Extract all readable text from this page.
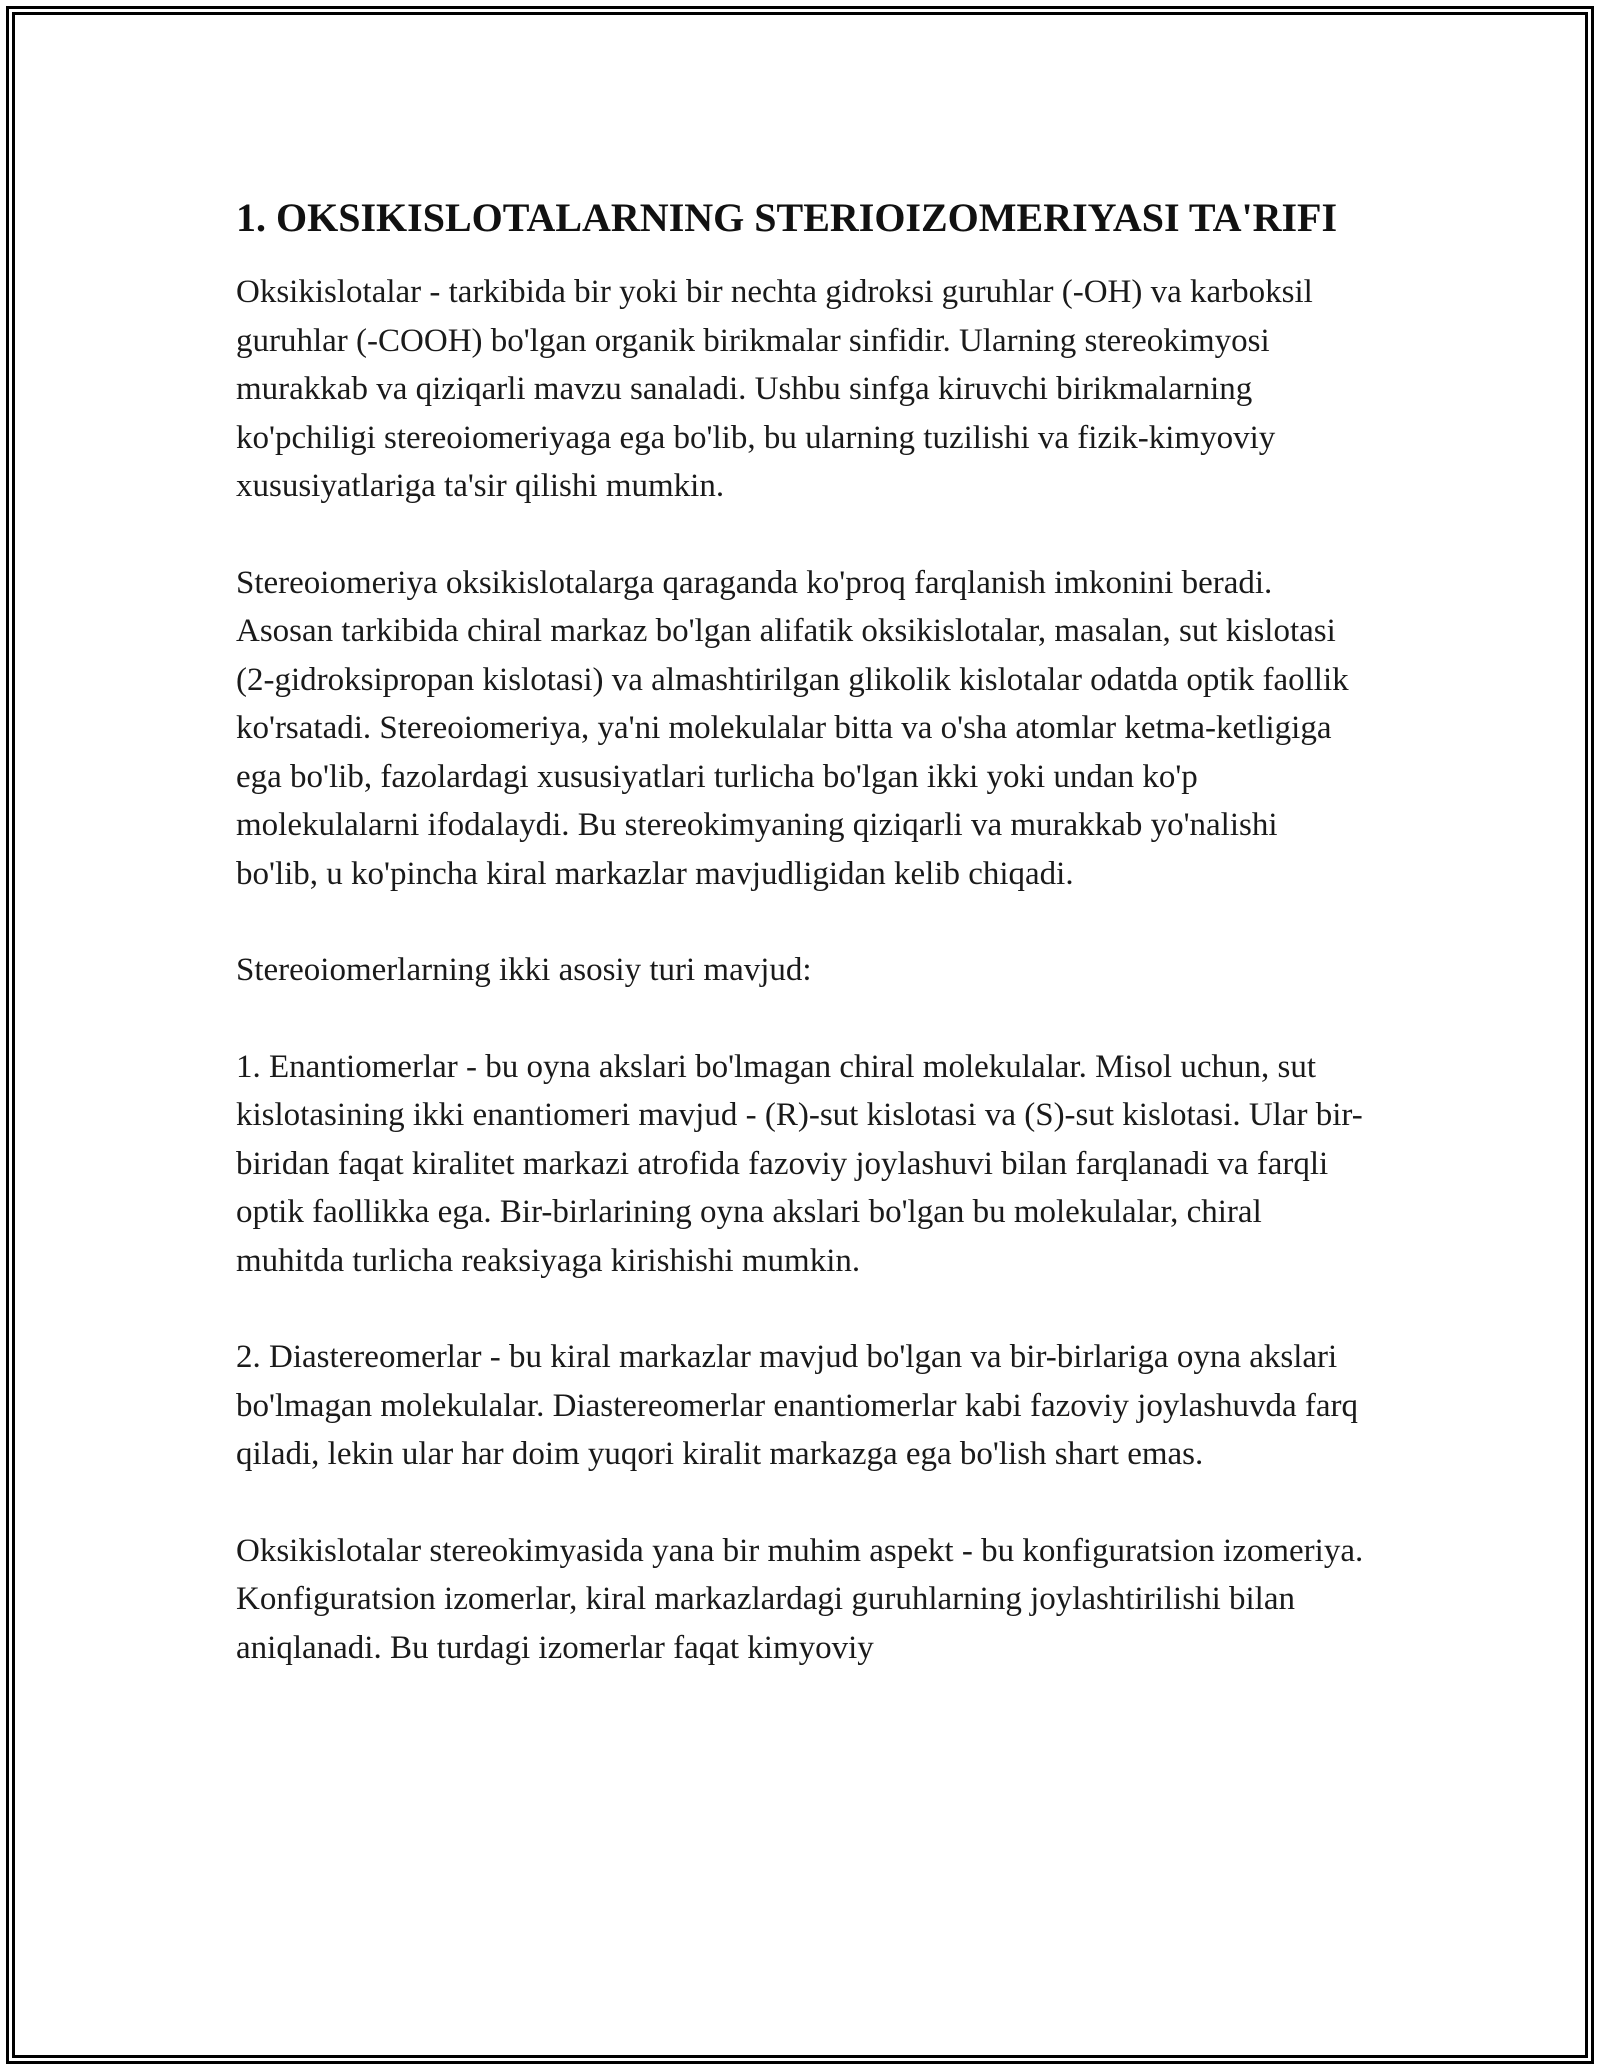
1. OKSIKISLOTALARNING STERIOIZOMERIYASI TA'RIFI

Oksikislotalar - tarkibida bir yoki bir nechta gidroksi guruhlar (-OH) va karboksil guruhlar (-COOH) bo'lgan organik birikmalar sinfidir. Ularning stereokimyosi murakkab va qiziqarli mavzu sanaladi. Ushbu sinfga kiruvchi birikmalarning ko'pchiligi stereoiomeriyaga ega bo'lib, bu ularning tuzilishi va fizik-kimyoviy xususiyatlariga ta'sir qilishi mumkin.

Stereoiomeriya oksikislotalarga qaraganda ko'proq farqlanish imkonini beradi. Asosan tarkibida chiral markaz bo'lgan alifatik oksikislotalar, masalan, sut kislotasi (2-gidroksipropan kislotasi) va almashtirilgan glikolik kislotalar odatda optik faollik ko'rsatadi. Stereoiomeriya, ya'ni molekulalar bitta va o'sha atomlar ketma-ketligiga ega bo'lib, fazolardagi xususiyatlari turlicha bo'lgan ikki yoki undan ko'p molekulalarni ifodalaydi. Bu stereokimyaning qiziqarli va murakkab yo'nalishi bo'lib, u ko'pincha kiral markazlar mavjudligidan kelib chiqadi.

Stereoiomerlarning ikki asosiy turi mavjud:

1. Enantiomerlar - bu oyna akslari bo'lmagan chiral molekulalar. Misol uchun, sut kislotasining ikki enantiomeri mavjud - (R)-sut kislotasi va (S)-sut kislotasi. Ular bir-biridan faqat kiralitet markazi atrofida fazoviy joylashuvi bilan farqlanadi va farqli optik faollikka ega. Bir-birlarining oyna akslari bo'lgan bu molekulalar, chiral muhitda turlicha reaksiyaga kirishishi mumkin.

2. Diastereomerlar - bu kiral markazlar mavjud bo'lgan va bir-birlariga oyna akslari bo'lmagan molekulalar. Diastereomerlar enantiomerlar kabi fazoviy joylashuvda farq qiladi, lekin ular har doim yuqori kiralit markazga ega bo'lish shart emas.

Oksikislotalar stereokimyasida yana bir muhim aspekt - bu konfiguratsion izomeriya. Konfiguratsion izomerlar, kiral markazlardagi guruhlarning joylashtirilishi bilan aniqlanadi. Bu turdagi izomerlar faqat kimyoviy
